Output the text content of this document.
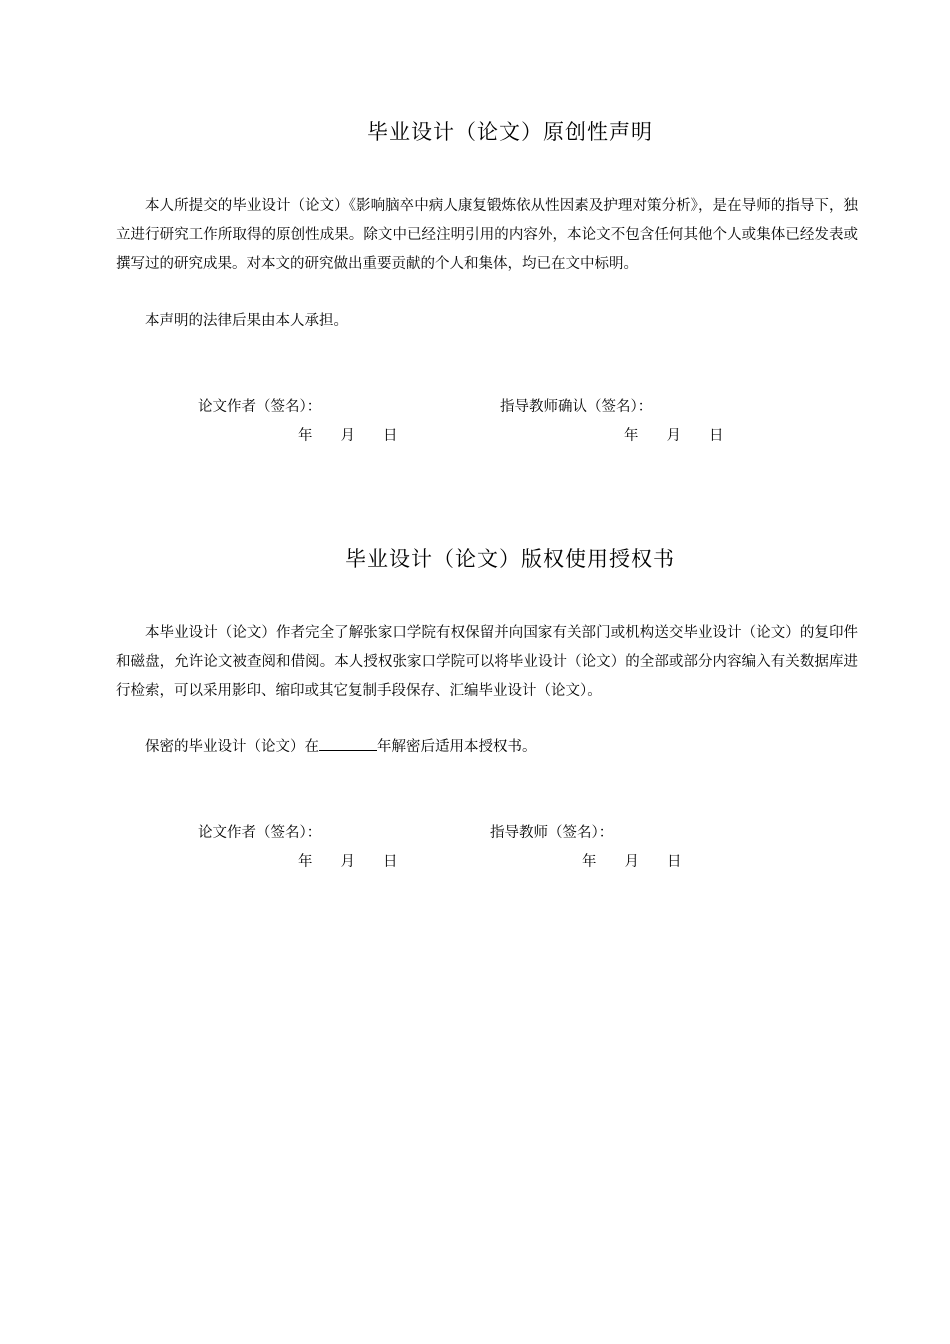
毕业设计（论文）原创性声明

本人所提交的毕业设计（论文）《影响脑卒中病人康复锻炼依从性因素及护理对策分析》，是在导师的指导下，独立进行研究工作所取得的原创性成果。除文中已经注明引用的内容外，本论文不包含任何其他个人或集体已经发表或撰写过的研究成果。对本文的研究做出重要贡献的个人和集体，均已在文中标明。

本声明的法律后果由本人承担。

论文作者（签名）：	指导教师确认（签名）：
年 月 日	年 月 日
毕业设计（论文）版权使用授权书

本毕业设计（论文）作者完全了解张家口学院有权保留并向国家有关部门或机构送交毕业设计（论文）的复印件和磁盘，允许论文被查阅和借阅。本人授权张家口学院可以将毕业设计（论文）的全部或部分内容编入有关数据库进行检索，可以采用影印、缩印或其它复制手段保存、汇编毕业设计（论文）。

保密的毕业设计（论文）在	年解密后适用本授权书。

论文作者（签名）：	指导教师（签名）：
年 月 日	年 月 日
